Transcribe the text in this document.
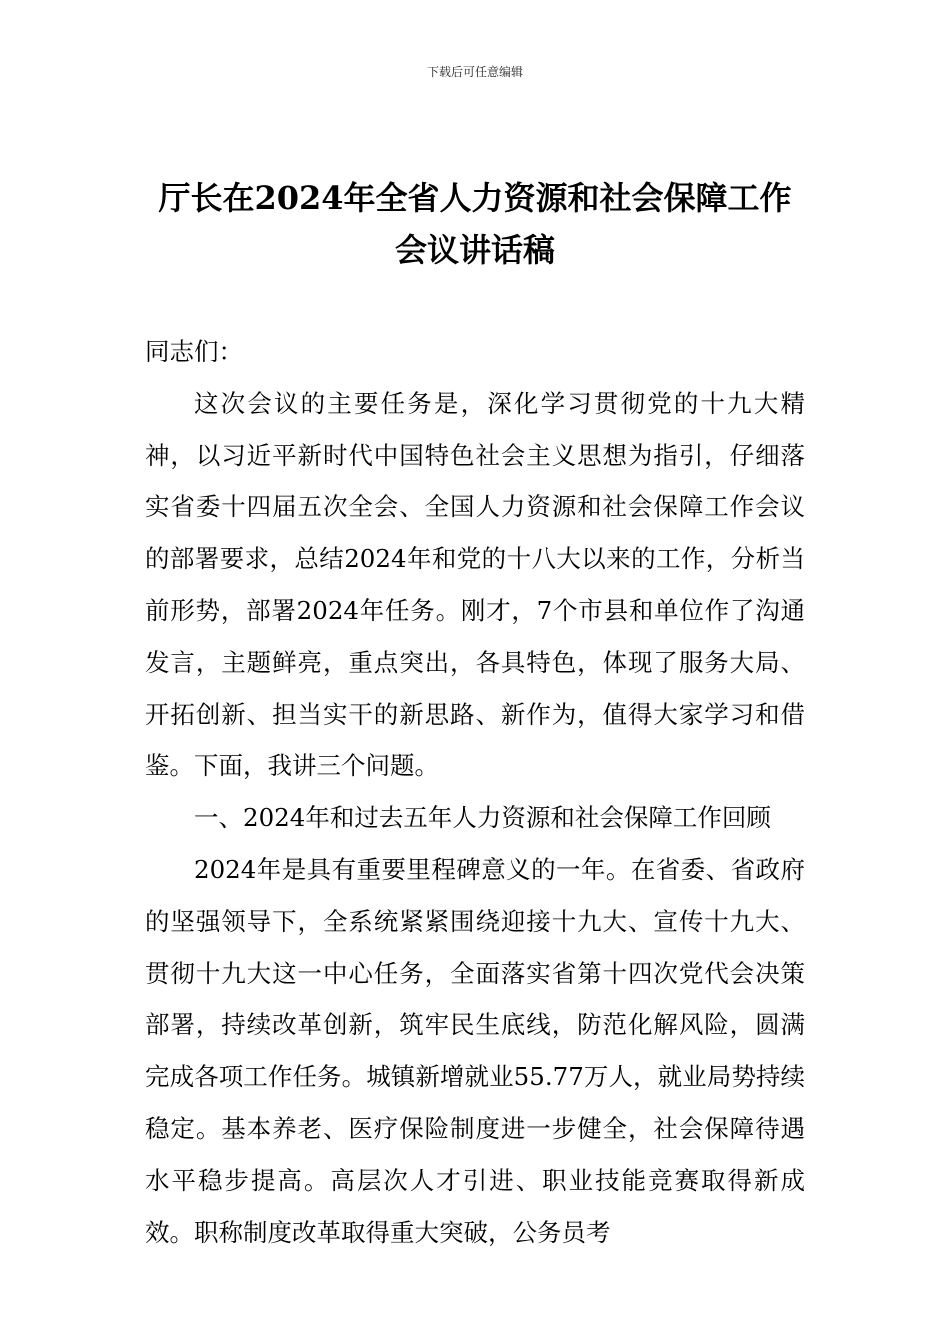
下载后可任意编辑
厅长在2024年全省人力资源和社会保障工作会议讲话稿

同志们：

这次会议的主要任务是，深化学习贯彻党的十九大精神，以习近平新时代中国特色社会主义思想为指引，仔细落实省委十四届五次全会、全国人力资源和社会保障工作会议的部署要求，总结2024年和党的十八大以来的工作，分析当前形势，部署2024年任务。刚才，7个市县和单位作了沟通发言，主题鲜亮，重点突出，各具特色，体现了服务大局、开拓创新、担当实干的新思路、新作为，值得大家学习和借鉴。下面，我讲三个问题。

一、2024年和过去五年人力资源和社会保障工作回顾

2024年是具有重要里程碑意义的一年。在省委、省政府的坚强领导下，全系统紧紧围绕迎接十九大、宣传十九大、贯彻十九大这一中心任务，全面落实省第十四次党代会决策部署，持续改革创新，筑牢民生底线，防范化解风险，圆满完成各项工作任务。城镇新增就业55.77万人，就业局势持续稳定。基本养老、医疗保险制度进一步健全，社会保障待遇水平稳步提高。高层次人才引进、职业技能竞赛取得新成效。职称制度改革取得重大突破，公务员考
